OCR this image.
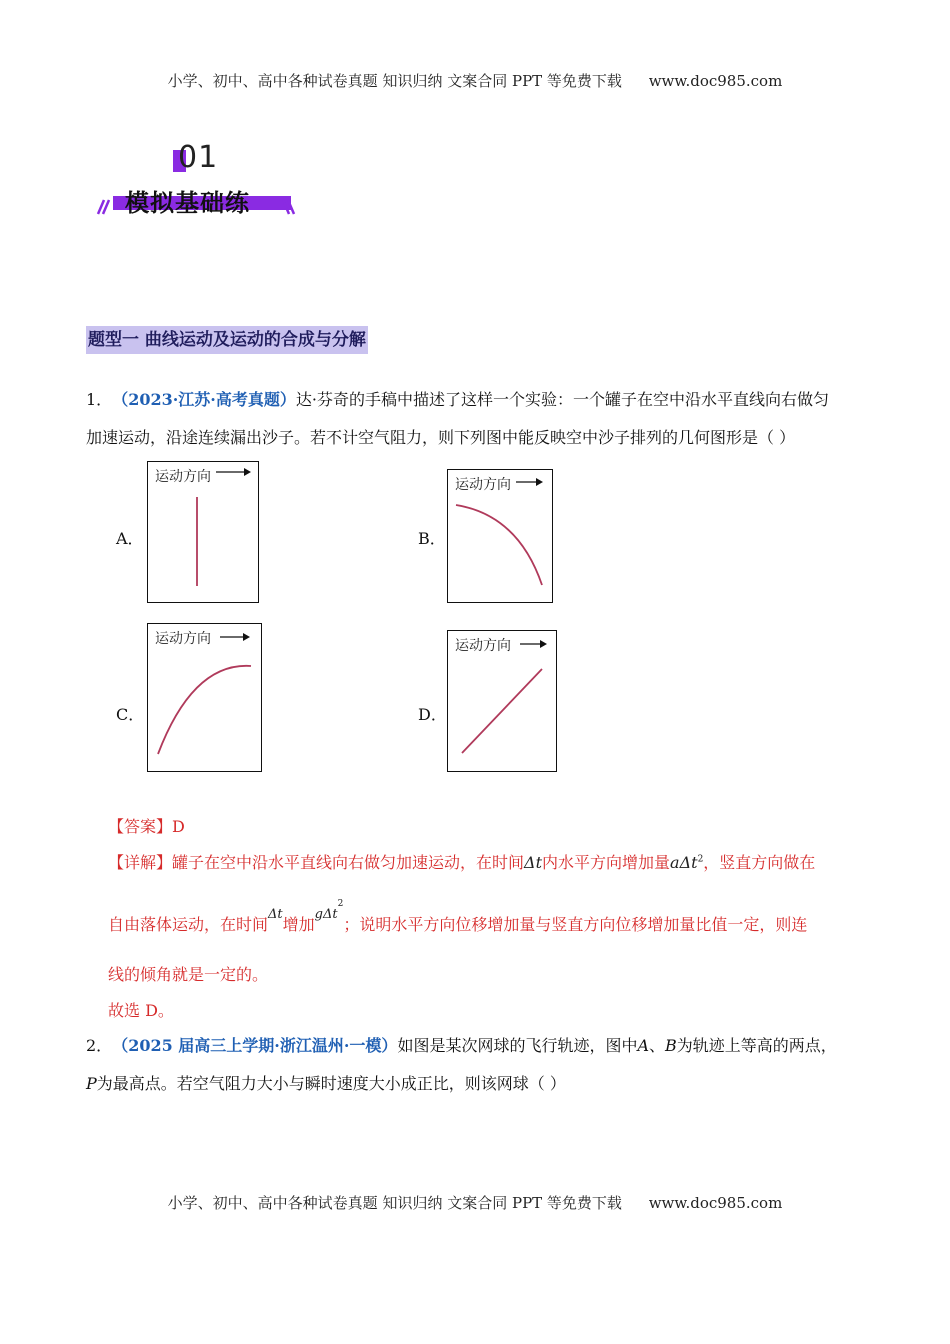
小学、初中、高中各种试卷真题 知识归纳 文案合同 PPT 等免费下载 www.doc985.com
01
模拟基础练
题型一 曲线运动及运动的合成与分解
1． （2023·江苏·高考真题）达·芬奇的手稿中描述了这样一个实验：一个罐子在空中沿水平直线向右做匀
加速运动，沿途连续漏出沙子。若不计空气阻力，则下列图中能反映空中沙子排列的几何图形是（ ）
A．
运动方向
B．
运动方向
C．
运动方向
D．
运动方向
【答案】D
【详解】罐子在空中沿水平直线向右做匀加速运动，在时间Δt内水平方向增加量aΔt$^2$，竖直方向做在
自由落体运动，在时间$^{\Delta t}$增加$^{g\Delta t2}$；说明水平方向位移增加量与竖直方向位移增加量比值一定，则连
线的倾角就是一定的。
故选 D。
2． （2025 届高三上学期·浙江温州·一模）如图是某次网球的飞行轨迹，图中A、B为轨迹上等高的两点，
P为最高点。若空气阻力大小与瞬时速度大小成正比，则该网球（ ）
小学、初中、高中各种试卷真题 知识归纳 文案合同 PPT 等免费下载 www.doc985.com
